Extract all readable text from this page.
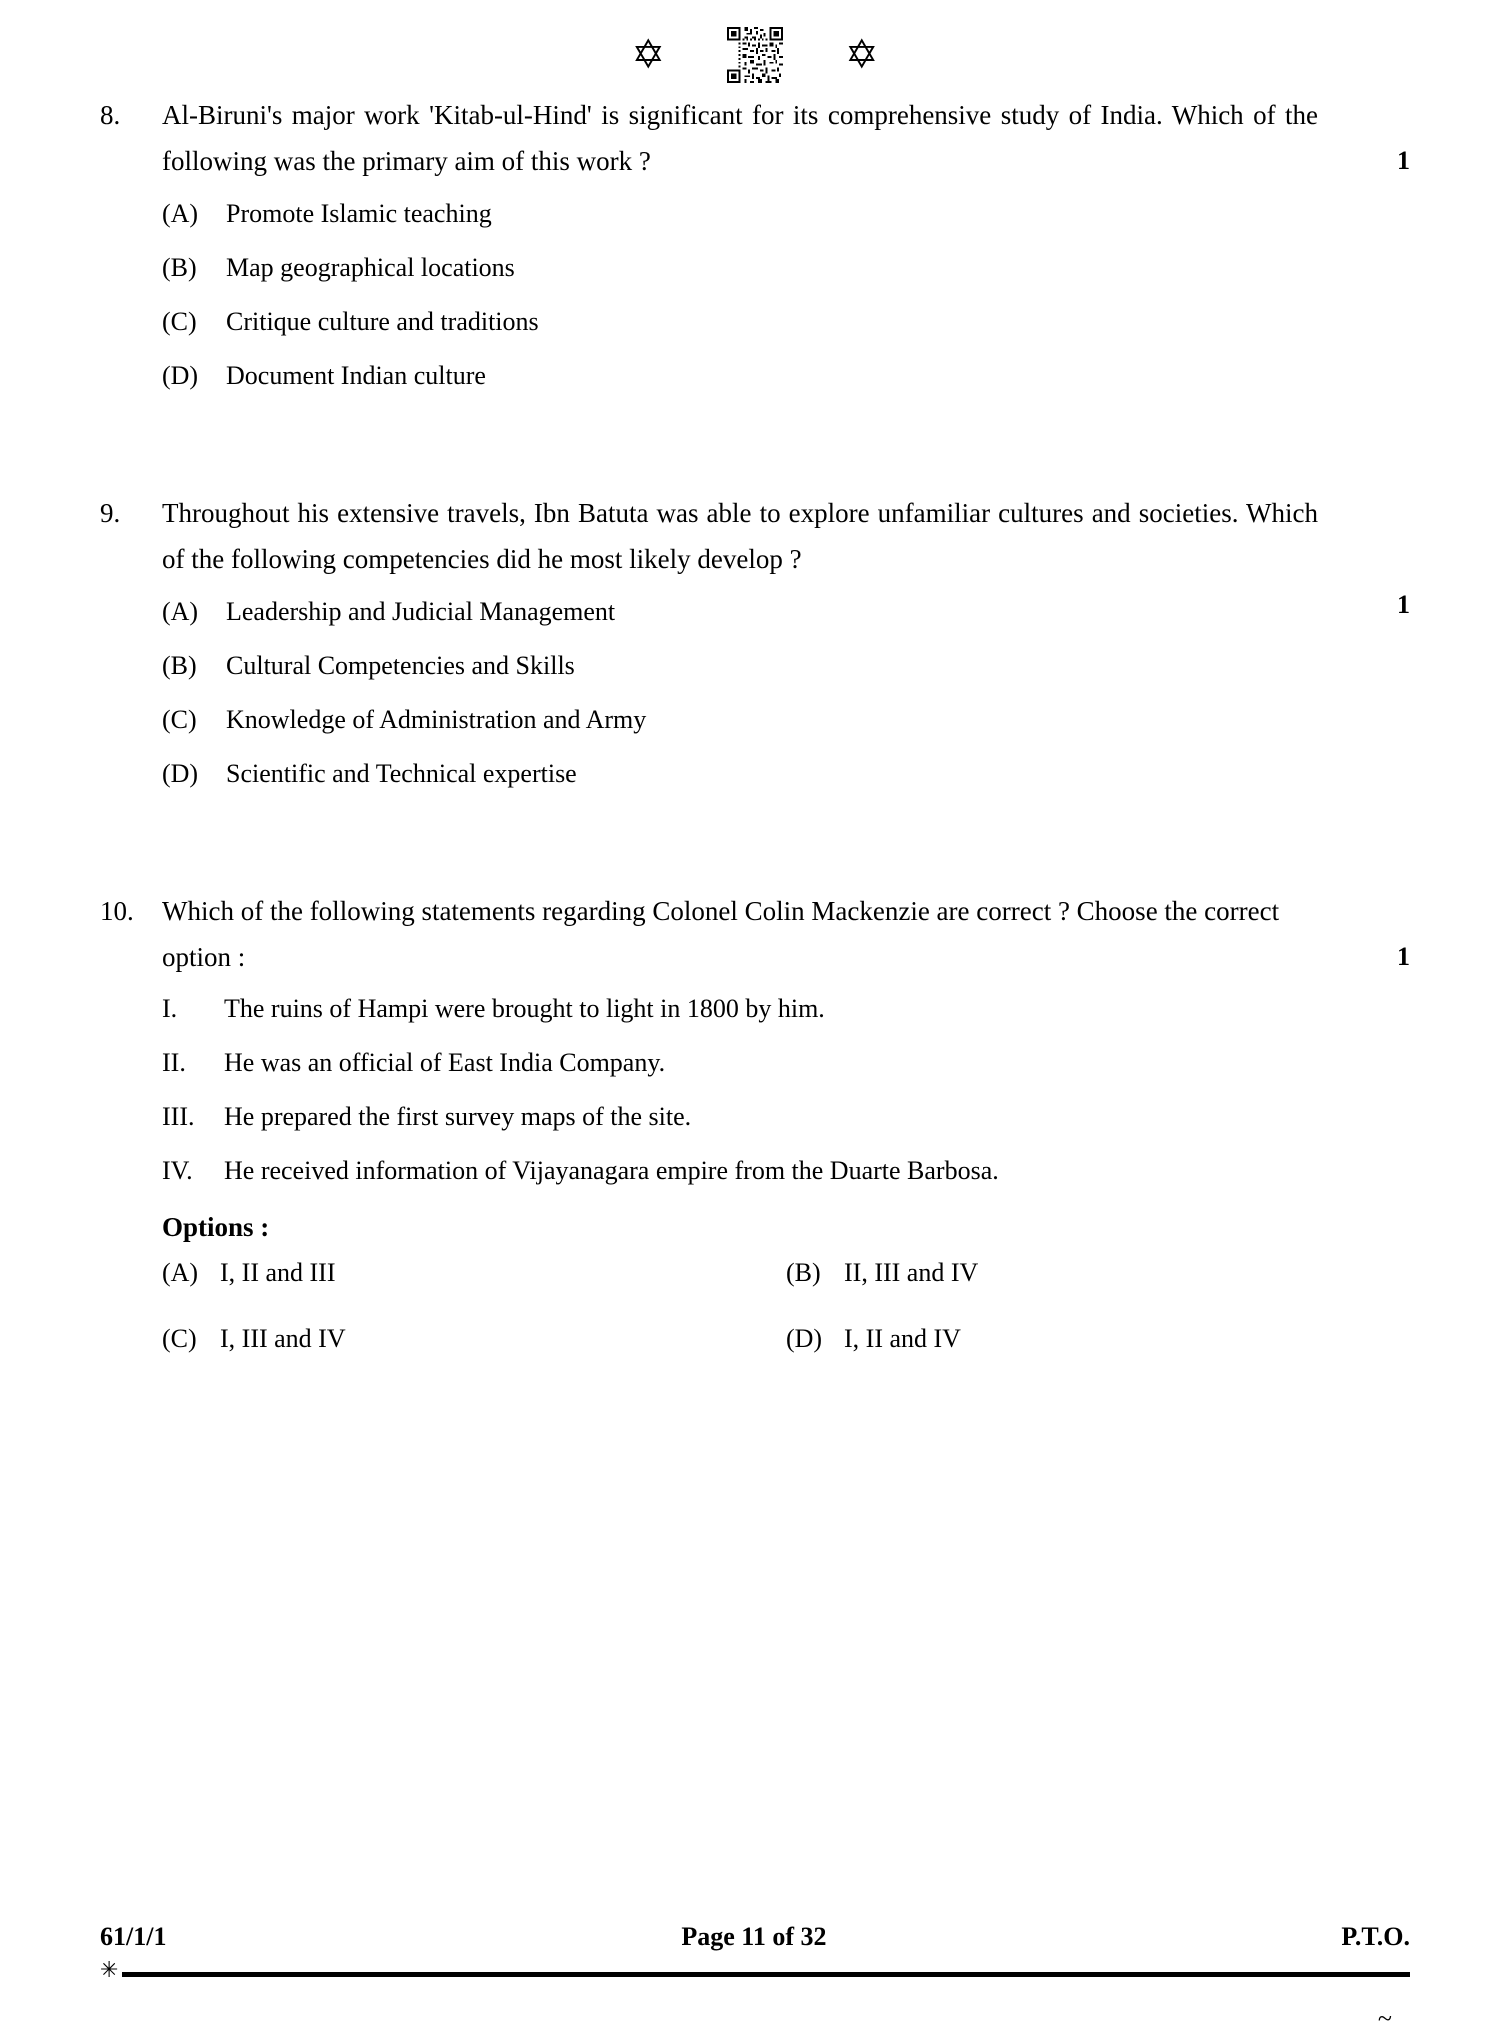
✡	✡
8.	Al-Biruni's major work 'Kitab-ul-Hind' is significant for its comprehensive study of India. Which of the following was the primary aim of this work ?	1
(A)	Promote Islamic teaching
(B)	Map geographical locations
(C)	Critique culture and traditions
(D)	Document Indian culture
9.	Throughout his extensive travels, Ibn Batuta was able to explore unfamiliar cultures and societies. Which of the following competencies did he most likely develop ?

1
(A)	Leadership and Judicial Management
(B)	Cultural Competencies and Skills
(C)	Knowledge of Administration and Army
(D)	Scientific and Technical expertise
10.	Which of the following statements regarding Colonel Colin Mackenzie are correct ? Choose the correct option :	1
I.	The ruins of Hampi were brought to light in 1800 by him.
II.	He was an official of East India Company.
III.	He prepared the first survey maps of the site.
IV.	He received information of Vijayanagara empire from the Duarte Barbosa.
Options :
(A) I, II and III	(B) II, III and IV
(C) I, III and IV	(D) I, II and IV
61/1/1	Page 11 of 32	P.T.O.
✳
~
